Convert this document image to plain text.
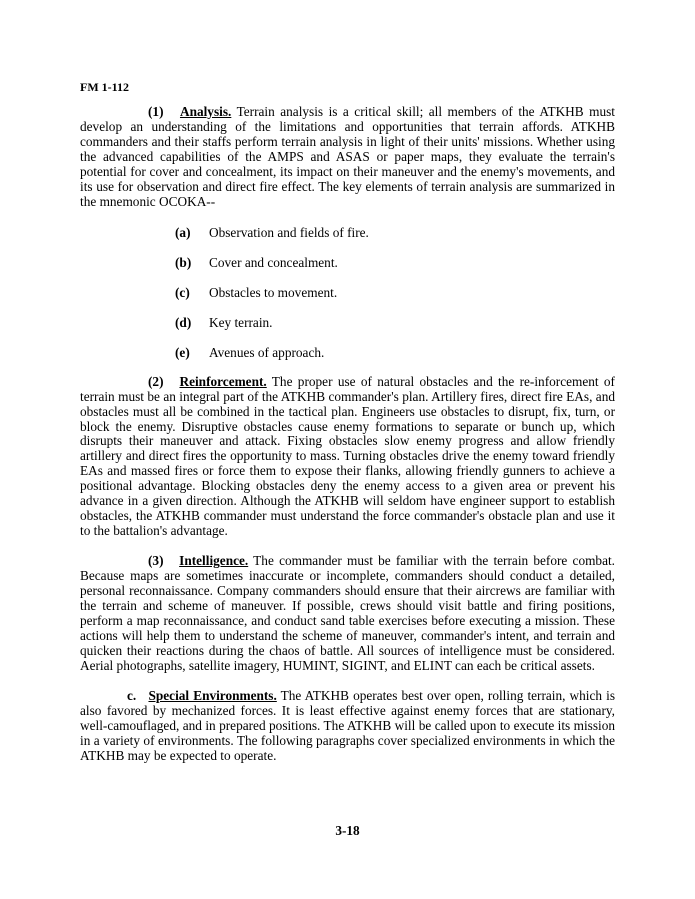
FM 1-112

(1) Analysis. Terrain analysis is a critical skill; all members of the ATKHB must develop an understanding of the limitations and opportunities that terrain affords. ATKHB commanders and their staffs perform terrain analysis in light of their units' missions. Whether using the advanced capabilities of the AMPS and ASAS or paper maps, they evaluate the terrain's potential for cover and concealment, its impact on their maneuver and the enemy's movements, and its use for observation and direct fire effect. The key elements of terrain analysis are summarized in the mnemonic OCOKA--

(a) Observation and fields of fire.
(b) Cover and concealment.
(c) Obstacles to movement.
(d) Key terrain.
(e) Avenues of approach.

(2) Reinforcement. The proper use of natural obstacles and the re-inforcement of terrain must be an integral part of the ATKHB commander's plan. Artillery fires, direct fire EAs, and obstacles must all be combined in the tactical plan. Engineers use obstacles to disrupt, fix, turn, or block the enemy. Disruptive obstacles cause enemy formations to separate or bunch up, which disrupts their maneuver and attack. Fixing obstacles slow enemy progress and allow friendly artillery and direct fires the opportunity to mass. Turning obstacles drive the enemy toward friendly EAs and massed fires or force them to expose their flanks, allowing friendly gunners to achieve a positional advantage. Blocking obstacles deny the enemy access to a given area or prevent his advance in a given direction. Although the ATKHB will seldom have engineer support to establish obstacles, the ATKHB commander must understand the force commander's obstacle plan and use it to the battalion's advantage.

(3) Intelligence. The commander must be familiar with the terrain before combat. Because maps are sometimes inaccurate or incomplete, commanders should conduct a detailed, personal reconnaissance. Company commanders should ensure that their aircrews are familiar with the terrain and scheme of maneuver. If possible, crews should visit battle and firing positions, perform a map reconnaissance, and conduct sand table exercises before executing a mission. These actions will help them to understand the scheme of maneuver, commander's intent, and terrain and quicken their reactions during the chaos of battle. All sources of intelligence must be considered. Aerial photographs, satellite imagery, HUMINT, SIGINT, and ELINT can each be critical assets.

c. Special Environments. The ATKHB operates best over open, rolling terrain, which is also favored by mechanized forces. It is least effective against enemy forces that are stationary, well-camouflaged, and in prepared positions. The ATKHB will be called upon to execute its mission in a variety of environments. The following paragraphs cover specialized environments in which the ATKHB may be expected to operate.

3-18
